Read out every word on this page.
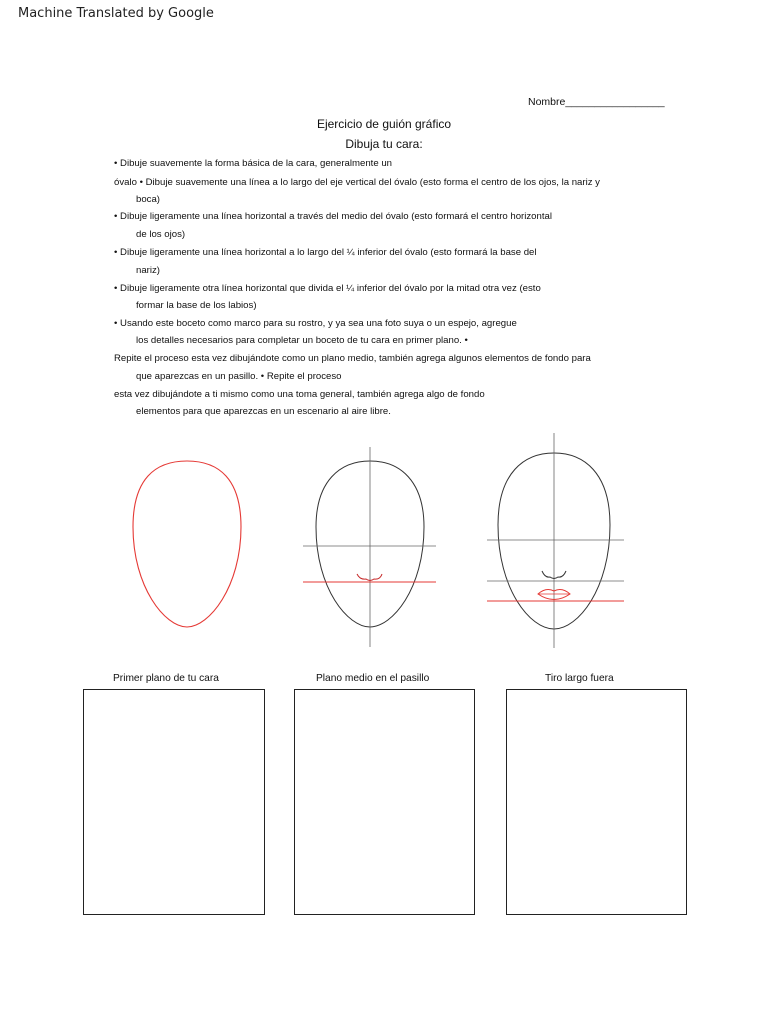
Machine Translated by Google
Nombre_________________
Ejercicio de guión gráfico
Dibuja tu cara:
• Dibuje suavemente la forma básica de la cara, generalmente un
óvalo • Dibuje suavemente una línea a lo largo del eje vertical del óvalo (esto forma el centro de los ojos, la nariz y
boca)
• Dibuje ligeramente una línea horizontal a través del medio del óvalo (esto formará el centro horizontal
de los ojos)
• Dibuje ligeramente una línea horizontal a lo largo del ¼ inferior del óvalo (esto formará la base del
nariz)
• Dibuje ligeramente otra línea horizontal que divida el ¼ inferior del óvalo por la mitad otra vez (esto
formar la base de los labios)
• Usando este boceto como marco para su rostro, y ya sea una foto suya o un espejo, agregue
los detalles necesarios para completar un boceto de tu cara en primer plano. •
Repite el proceso esta vez dibujándote como un plano medio, también agrega algunos elementos de fondo para
que aparezcas en un pasillo. • Repite el proceso
esta vez dibujándote a ti mismo como una toma general, también agrega algo de fondo
elementos para que aparezcas en un escenario al aire libre.
Primer plano de tu cara	Plano medio en el pasillo	Tiro largo fuera
